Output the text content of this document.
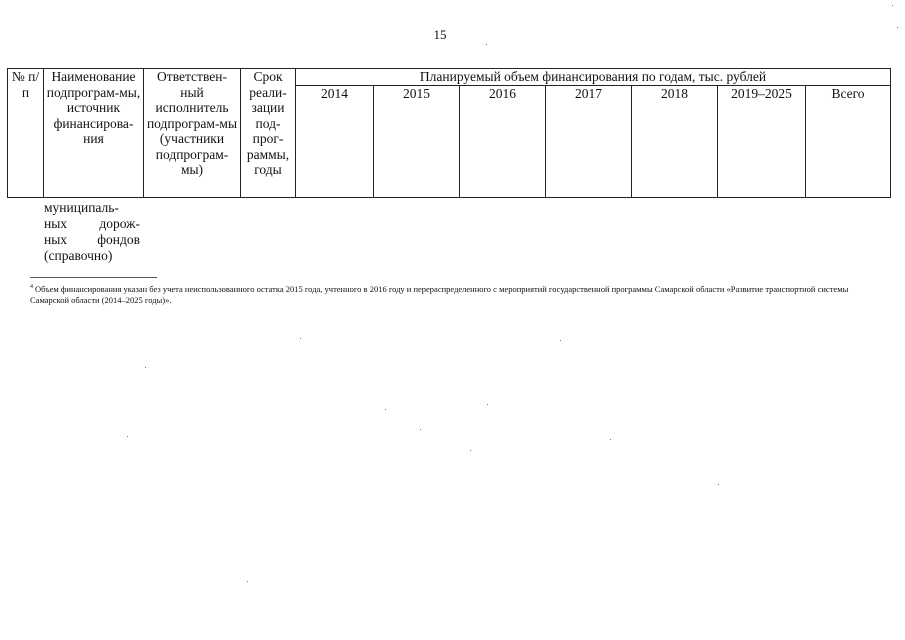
15
№ п/п	Наименование подпрограм-мы, источник финансирова-ния	Ответствен-ный исполнитель подпрограм-мы (участники подпрограм-мы)	Срок реали-зации под-прог-раммы, годы	Планируемый объем финансирования по годам, тыс. рублей						
				2014	2015	2016	2017	2018	2019–2025	Всего
муниципаль-
ных дорож-
ных фондов
(справочно)
$^4$ Объем финансирования указан без учета неиспользованного остатка 2015 года, учтенного в 2016 году и перераспределенного с мероприятий государственной программы Самарской области «Развитие транспортной системы Самарской области (2014–2025 годы)».
